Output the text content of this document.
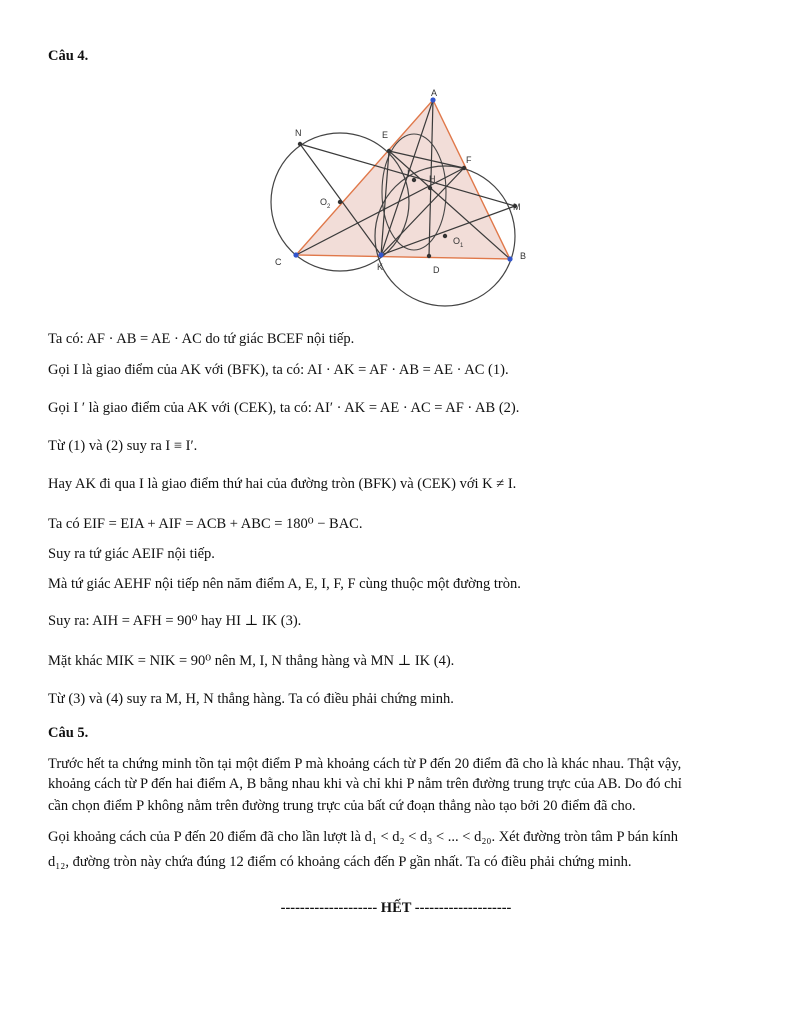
Câu 4.
A
B
C
D
E
F
H
I
K
M
N
$O_1$
$O_2$
Ta có: AF · AB = AE · AC do tứ giác BCEF nội tiếp.
Gọi I là giao điểm của AK với (BFK), ta có: AI · AK = AF · AB = AE · AC (1).
Gọi I ′ là giao điểm của AK với (CEK), ta có: AI′ · AK = AE · AC = AF · AB (2).
Từ (1) và (2) suy ra I ≡ I′.
Hay AK đi qua I là giao điểm thứ hai của đường tròn (BFK) và (CEK) với K ≠ I.
Ta có EIF = EIA + AIF = ACB + ABC = 180⁰ − BAC.
Suy ra tứ giác AEIF nội tiếp.
Mà tứ giác AEHF nội tiếp nên năm điểm A, E, I, F, F cùng thuộc một đường tròn.
Suy ra: AIH = AFH = 90⁰ hay HI ⊥ IK (3).
Mặt khác MIK = NIK = 90⁰ nên M, I, N thẳng hàng và MN ⊥ IK (4).
Từ (3) và (4) suy ra M, H, N thẳng hàng. Ta có điều phải chứng minh.
Câu 5.
Trước hết ta chứng minh tồn tại một điểm P mà khoảng cách từ P đến 20 điểm đã cho là khác nhau. Thật vậy,
khoảng cách từ P đến hai điểm A, B bằng nhau khi và chỉ khi P nằm trên đường trung trực của AB. Do đó chỉ
cần chọn điểm P không nằm trên đường trung trực của bất cứ đoạn thẳng nào tạo bởi 20 điểm đã cho.
Gọi khoảng cách của P đến 20 điểm đã cho lần lượt là d₁ < d₂ < d₃ < ... < d₂₀. Xét đường tròn tâm P bán kính
d₁₂, đường tròn này chứa đúng 12 điểm có khoảng cách đến P gần nhất. Ta có điều phải chứng minh.
-------------------- HẾT --------------------
